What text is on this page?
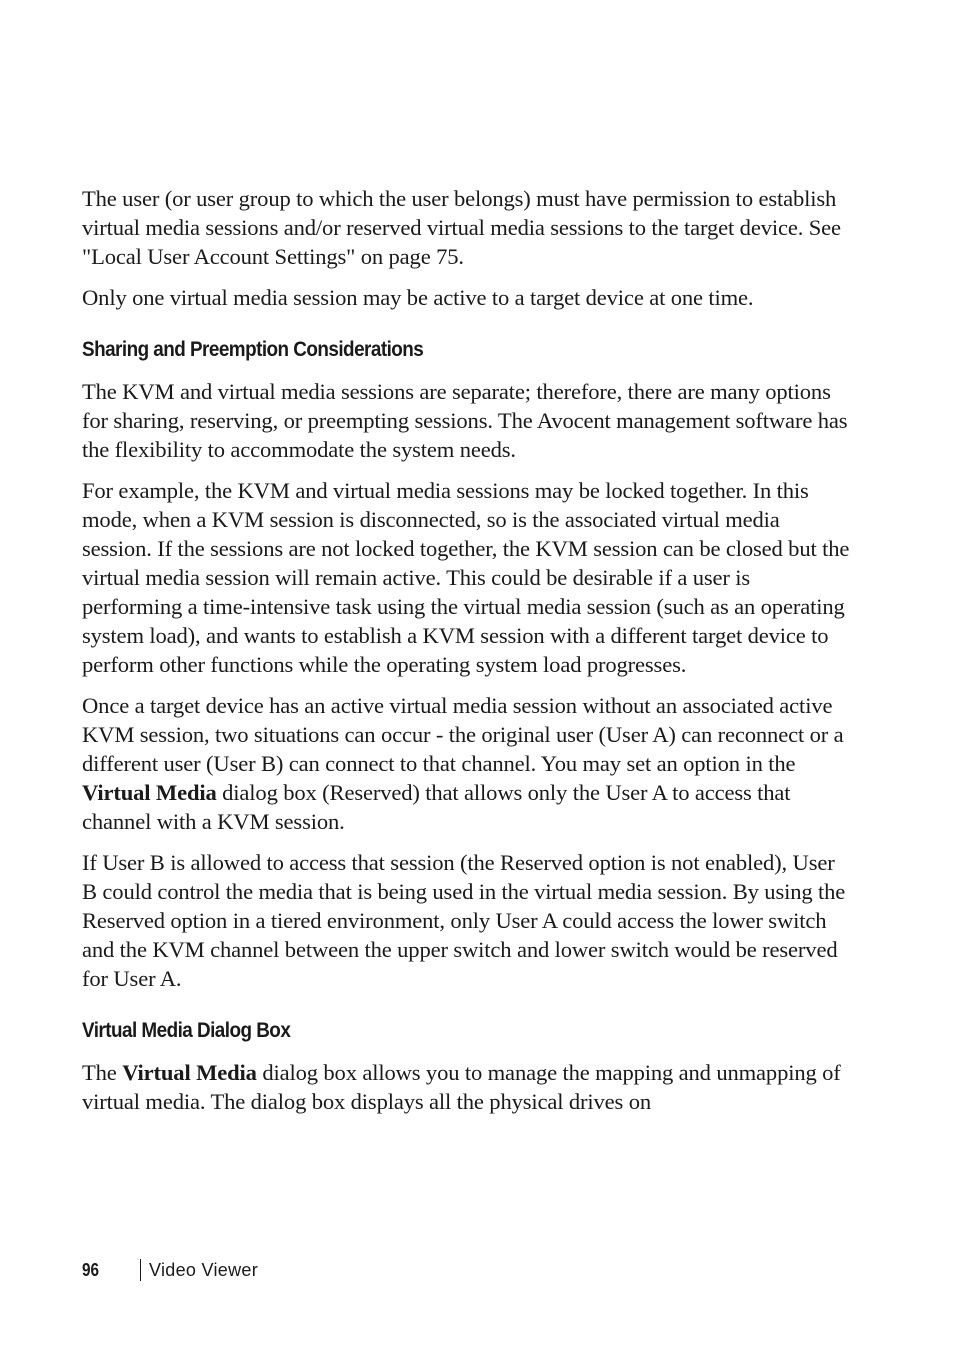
The user (or user group to which the user belongs) must have permission to establish virtual media sessions and/or reserved virtual media sessions to the target device. See "Local User Account Settings" on page 75.

Only one virtual media session may be active to a target device at one time.

Sharing and Preemption Considerations

The KVM and virtual media sessions are separate; therefore, there are many options for sharing, reserving, or preempting sessions. The Avocent management software has the flexibility to accommodate the system needs.

For example, the KVM and virtual media sessions may be locked together. In this mode, when a KVM session is disconnected, so is the associated virtual media session. If the sessions are not locked together, the KVM session can be closed but the virtual media session will remain active. This could be desirable if a user is performing a time-intensive task using the virtual media session (such as an operating system load), and wants to establish a KVM session with a different target device to perform other functions while the operating system load progresses.

Once a target device has an active virtual media session without an associated active KVM session, two situations can occur - the original user (User A) can reconnect or a different user (User B) can connect to that channel. You may set an option in the Virtual Media dialog box (Reserved) that allows only the User A to access that channel with a KVM session.

If User B is allowed to access that session (the Reserved option is not enabled), User B could control the media that is being used in the virtual media session. By using the Reserved option in a tiered environment, only User A could access the lower switch and the KVM channel between the upper switch and lower switch would be reserved for User A.

Virtual Media Dialog Box

The Virtual Media dialog box allows you to manage the mapping and unmapping of virtual media. The dialog box displays all the physical drives on

96	Video Viewer
